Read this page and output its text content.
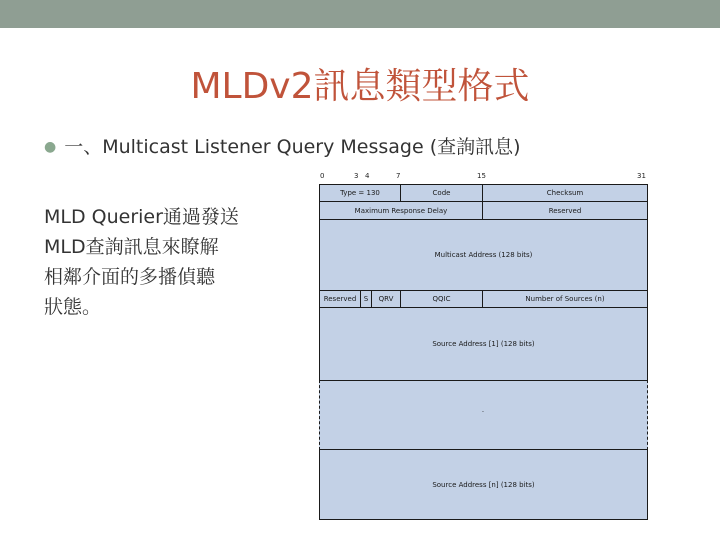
MLDv2訊息類型格式
● 一、Multicast Listener Query Message (查詢訊息)
MLD Querier通過發送
MLD查詢訊息來瞭解
相鄰介面的多播偵聽
狀態。
0	3 4	7	15	31
Type = 130	Code	Checksum
Maximum Response Delay	Reserved
Multicast Address (128 bits)
Reserved	S	QRV	QQIC	Number of Sources (n)
Source Address [1] (128 bits)
.
Source Address [n] (128 bits)
